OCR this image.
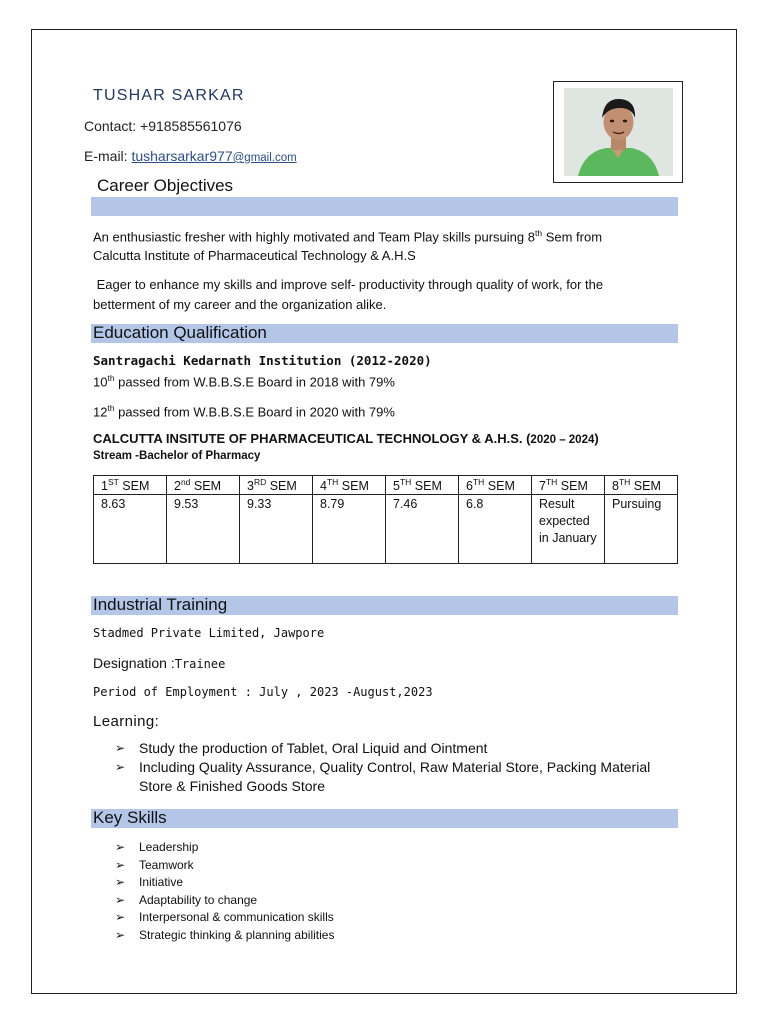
TUSHAR SARKAR
Contact: +918585561076
E-mail: tusharsarkar977@gmail.com
Career Objectives
An enthusiastic fresher with highly motivated and Team Play skills pursuing 8th Sem from
Calcutta Institute of Pharmaceutical Technology & A.H.S
Eager to enhance my skills and improve self- productivity through quality of work, for the
betterment of my career and the organization alike.
Education Qualification
Santragachi Kedarnath Institution (2012-2020)
10th passed from W.B.B.S.E Board in 2018 with 79%
12th passed from W.B.B.S.E Board in 2020 with 79%
CALCUTTA INSITUTE OF PHARMACEUTICAL TECHNOLOGY & A.H.S. (2020 – 2024)
Stream -Bachelor of Pharmacy
1ST SEM	2nd SEM	3RD SEM	4TH SEM	5TH SEM	6TH SEM	7TH SEM	8TH SEM
8.63	9.53	9.33	8.79	7.46	6.8	Result expected in January	Pursuing
Industrial Training
Stadmed Private Limited, Jawpore
Designation :Trainee
Period of Employment : July , 2023 -August,2023
Learning:
➢ Study the production of Tablet, Oral Liquid and Ointment
➢ Including Quality Assurance, Quality Control, Raw Material Store, Packing Material Store & Finished Goods Store
Key Skills
➢ Leadership
➢ Teamwork
➢ Initiative
➢ Adaptability to change
➢ Interpersonal & communication skills
➢ Strategic thinking & planning abilities
